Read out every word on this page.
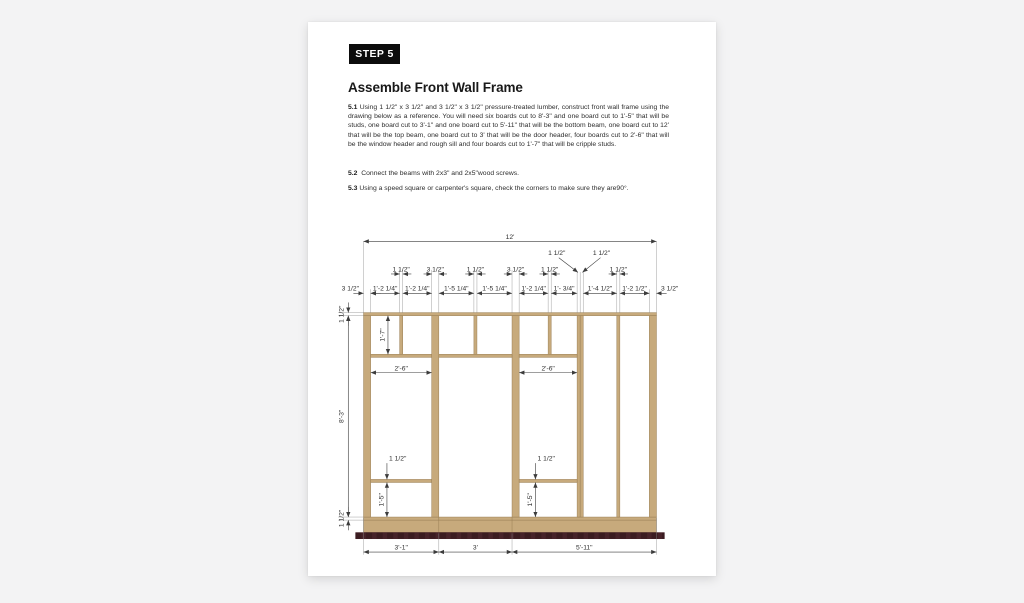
STEP 5
Assemble Front Wall Frame

5.1 Using 1 1/2" x 3 1/2" and 3 1/2" x 3 1/2" pressure-treated lumber, construct front wall frame using the drawing below as a reference. You will need six boards cut to 8'-3" and one board cut to 1'-5" that will be studs, one board cut to 3'-1" and one board cut to 5'-11" that will be the bottom beam, one board cut to 12' that will be the top beam, one board cut to 3' that will be the door header, four boards cut to 2'-6" that will be the window header and rough sill and four boards cut to 1'-7" that will be cripple studs.

5.2 Connect the beams with 2x3" and 2x5"wood screws.

5.3 Using a speed square or carpenter's square, check the corners to make sure they are90°.

12'
1 1/2"	1 1/2"
1 1/2"	3 1/2"	1 1/2"	3 1/2"	1 1/2"	1 1/2"
3 1/2"	1'-2 1/4" 1'-2 1/4"	1'-5 1/4"	1'-5 1/4"	1'-2 1/4" 1'- 3/4"	1'-4 1/2"	1'-2 1/2"	3 1/2"
1 1/2"
8'-3"
1 1/2"
1'-7"
2'-6"	2'-6"
1 1/2"
1'-5"
1 1/2"
1'-5"
3'-1"	3'	5'-11"
